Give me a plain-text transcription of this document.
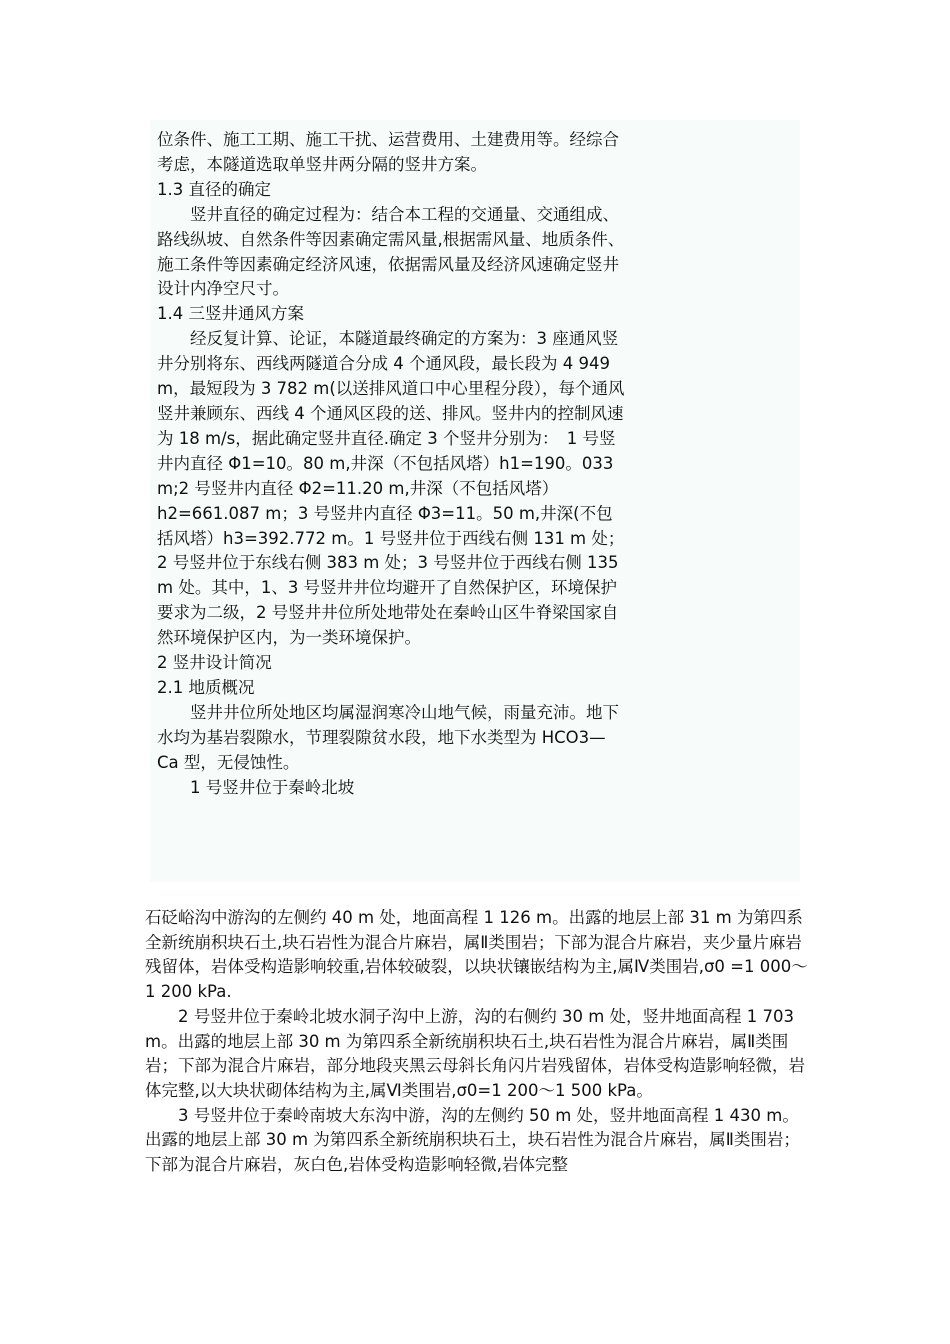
位条件、施工工期、施工干扰、运营费用、土建费用等。经综合考虑，本隧道选取单竖井两分隔的竖井方案。

1.3 直径的确定

竖井直径的确定过程为：结合本工程的交通量、交通组成、路线纵坡、自然条件等因素确定需风量,根据需风量、地质条件、施工条件等因素确定经济风速，依据需风量及经济风速确定竖井设计内净空尺寸。

1.4 三竖井通风方案

经反复计算、论证，本隧道最终确定的方案为：3 座通风竖井分别将东、西线两隧道合分成 4 个通风段，最长段为 4 949 m，最短段为 3 782 m(以送排风道口中心里程分段），每个通风竖井兼顾东、西线 4 个通风区段的送、排风。竖井内的控制风速为 18 m/s，据此确定竖井直径.确定 3 个竖井分别为：　1 号竖井内直径 Φ1=10。80 m,井深（不包括风塔）h1=190。033 m;2 号竖井内直径 Φ2=11.20 m,井深（不包括风塔）h2=661.087 m；3 号竖井内直径 Φ3=11。50 m,井深(不包括风塔）h3=392.772 m。1 号竖井位于西线右侧 131 m 处；2 号竖井位于东线右侧 383 m 处；3 号竖井位于西线右侧 135 m 处。其中，1、3 号竖井井位均避开了自然保护区，环境保护要求为二级，2 号竖井井位所处地带处在秦岭山区牛脊梁国家自然环境保护区内，为一类环境保护。

2 竖井设计简况

2.1 地质概况

竖井井位所处地区均属湿润寒冷山地气候，雨量充沛。地下水均为基岩裂隙水，节理裂隙贫水段，地下水类型为 HCO3—Ca 型，无侵蚀性。

1 号竖井位于秦岭北坡

石砭峪沟中游沟的左侧约 40 m 处，地面高程 1 126 m。出露的地层上部 31 m 为第四系全新统崩积块石土,块石岩性为混合片麻岩，属Ⅱ类围岩；下部为混合片麻岩，夹少量片麻岩残留体，岩体受构造影响较重,岩体较破裂，以块状镶嵌结构为主,属Ⅳ类围岩,σ0 =1 000～1 200 kPa.

2 号竖井位于秦岭北坡水洞子沟中上游，沟的右侧约 30 m 处，竖井地面高程 1 703 m。出露的地层上部 30 m 为第四系全新统崩积块石土,块石岩性为混合片麻岩，属Ⅱ类围岩；下部为混合片麻岩，部分地段夹黑云母斜长角闪片岩残留体，岩体受构造影响轻微，岩体完整,以大块状砌体结构为主,属Ⅵ类围岩,σ0=1 200～1 500 kPa。

3 号竖井位于秦岭南坡大东沟中游，沟的左侧约 50 m 处，竖井地面高程 1 430 m。出露的地层上部 30 m 为第四系全新统崩积块石土，块石岩性为混合片麻岩，属Ⅱ类围岩；下部为混合片麻岩，灰白色,岩体受构造影响轻微,岩体完整
